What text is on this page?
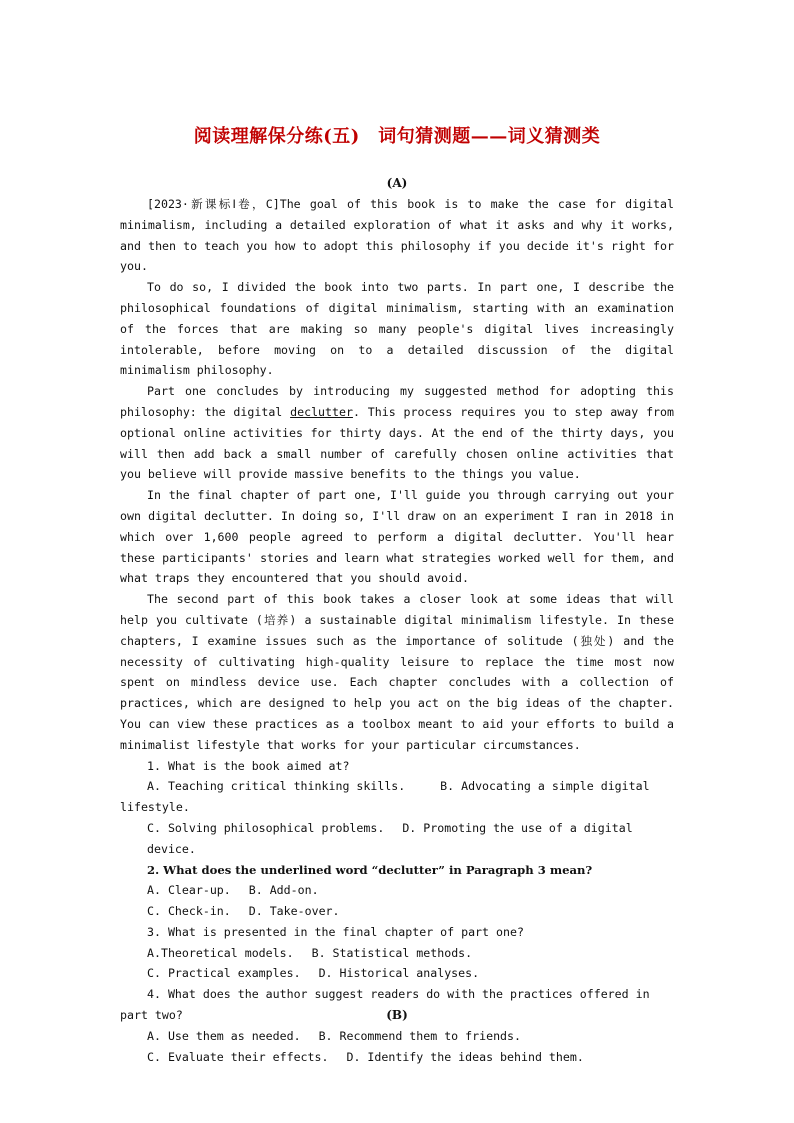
阅读理解保分练(五)　词句猜测题——词义猜测类
(A)

[2023·新课标Ⅰ卷，C]The goal of this book is to make the case for digital minimalism, including a detailed exploration of what it asks and why it works, and then to teach you how to adopt this philosophy if you decide it's right for you.

To do so, I divided the book into two parts. In part one, I describe the philosophical foundations of digital minimalism, starting with an examination of the forces that are making so many people's digital lives increasingly intolerable, before moving on to a detailed discussion of the digital minimalism philosophy.

Part one concludes by introducing my suggested method for adopting this philosophy: the digital declutter. This process requires you to step away from optional online activities for thirty days. At the end of the thirty days, you will then add back a small number of carefully chosen online activities that you believe will provide massive benefits to the things you value.

In the final chapter of part one, I'll guide you through carrying out your own digital declutter. In doing so, I'll draw on an experiment I ran in 2018 in which over 1,600 people agreed to perform a digital declutter. You'll hear these participants' stories and learn what strategies worked well for them, and what traps they encountered that you should avoid.

The second part of this book takes a closer look at some ideas that will help you cultivate (培养) a sustainable digital minimalism lifestyle. In these chapters, I examine issues such as the importance of solitude (独处) and the necessity of cultivating high-quality leisure to replace the time most now spent on mindless device use. Each chapter concludes with a collection of practices, which are designed to help you act on the big ideas of the chapter. You can view these practices as a toolbox meant to aid your efforts to build a minimalist lifestyle that works for your particular circumstances.

1. What is the book aimed at?

A. Teaching critical thinking skills.	B. Advocating a simple digital lifestyle.

C. Solving philosophical problems. D. Promoting the use of a digital device.

2. What does the underlined word “declutter” in Paragraph 3 mean?

A. Clear-up. B. Add-on.

C. Check-in. D. Take-over.

3. What is presented in the final chapter of part one?

A.Theoretical models. B. Statistical methods.

C. Practical examples. D. Historical analyses.

4. What does the author suggest readers do with the practices offered in part two?

A. Use them as needed. B. Recommend them to friends.

C. Evaluate their effects. D. Identify the ideas behind them.

(B)
